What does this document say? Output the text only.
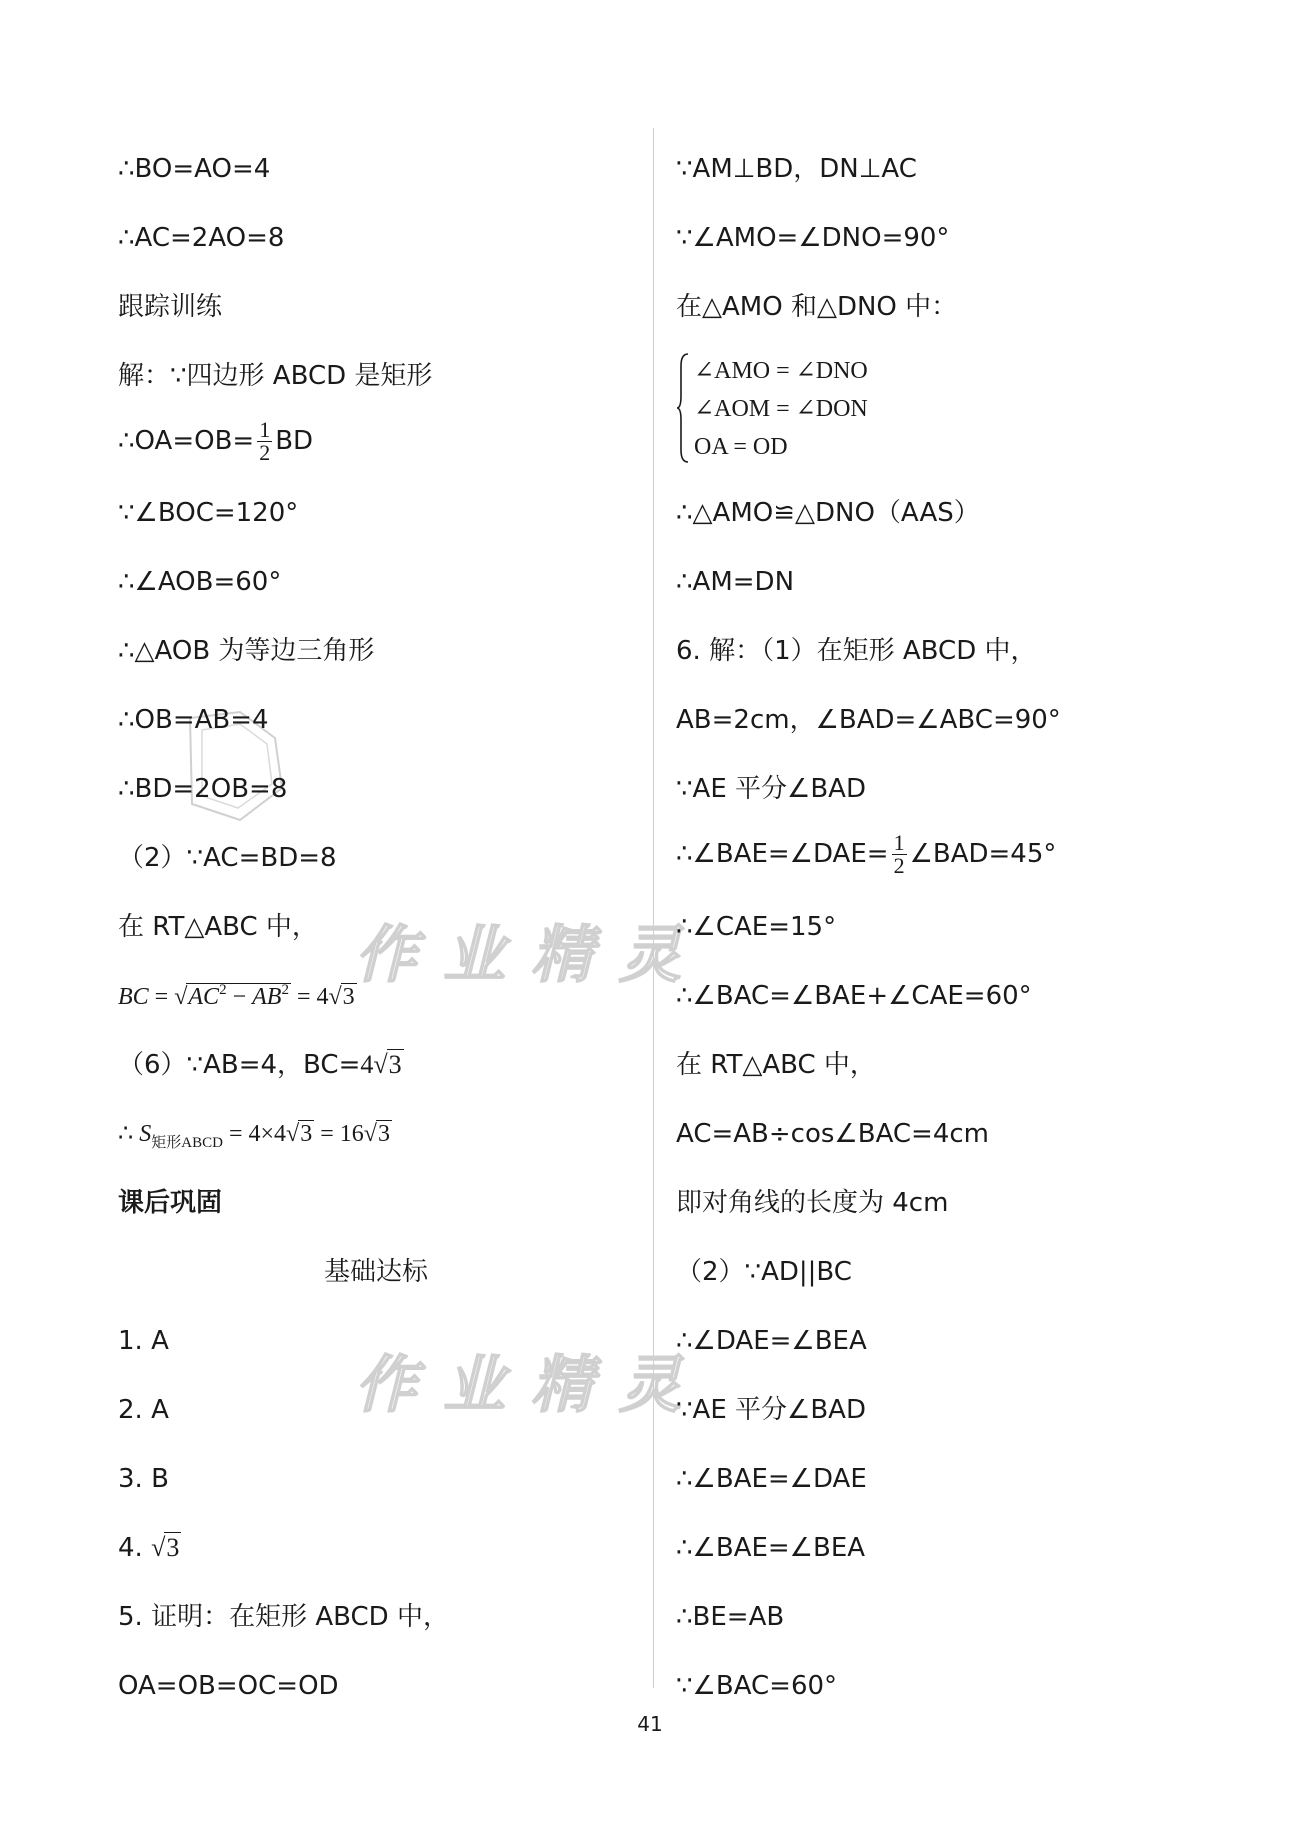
作业精灵
作业精灵
∴BO=AO=4
∴AC=2AO=8
跟踪训练
解：∵四边形 ABCD 是矩形
∴OA=OB= $\frac{1}{2}$ BD
∵∠BOC=120°
∴∠AOB=60°
∴△AOB 为等边三角形
∴OB=AB=4
∴BD=2OB=8
（2）∵AC=BD=8
在 RT△ABC 中，
BC = $√AC^2 - AB^2 = 4√3$
（6）∵AB=4，BC=4√3
∴ $S_{矩形ABCD} = 4\times 4√3 = 16√3$
课后巩固
基础达标
1. A
2. A
3. B
4. √3
5. 证明：在矩形 ABCD 中，
OA=OB=OC=OD
∵AM⊥BD，DN⊥AC
∵∠AMO=∠DNO=90°
在△AMO 和△DNO 中：
∠AMO = ∠DNO
∠AOM = ∠DON
OA = OD
∴△AMO≌△DNO（AAS）
∴AM=DN
6. 解：（1）在矩形 ABCD 中，
AB=2cm，∠BAD=∠ABC=90°
∵AE 平分∠BAD
∴∠BAE=∠DAE= $\frac{1}{2}$ ∠BAD=45°
∴∠CAE=15°
∴∠BAC=∠BAE+∠CAE=60°
在 RT△ABC 中，
AC=AB÷cos∠BAC=4cm
即对角线的长度为 4cm
（2）∵AD||BC
∴∠DAE=∠BEA
∵AE 平分∠BAD
∴∠BAE=∠DAE
∴∠BAE=∠BEA
∴BE=AB
∵∠BAC=60°
41
